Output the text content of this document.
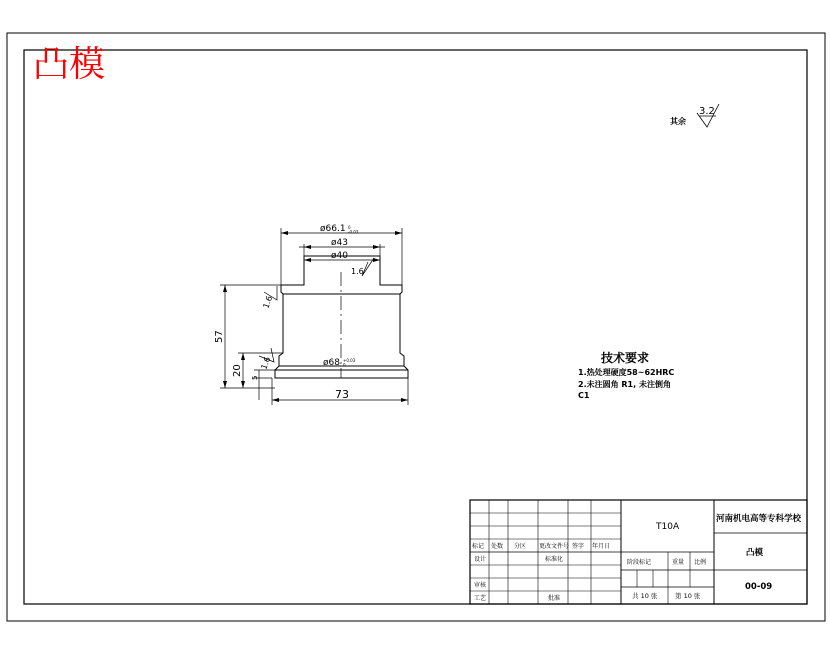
凸模
其余
3.2
ø66.1 0 -0.03
ø43
ø40
ø68 +0.03 0
57
20
5
73
1.6
1.6
1.6	技术要求
1.热处理硬度58~62HRC
2.未注圆角 R1, 未注倒角
C1
T10A
河南机电高等专科学校
凸模
00-09
阶段标记	重量 比例
共 10 张	第 10 张
标记 处数 分区 更改文件号 签字 年月日
设计	标准化
审核
工艺	批准
